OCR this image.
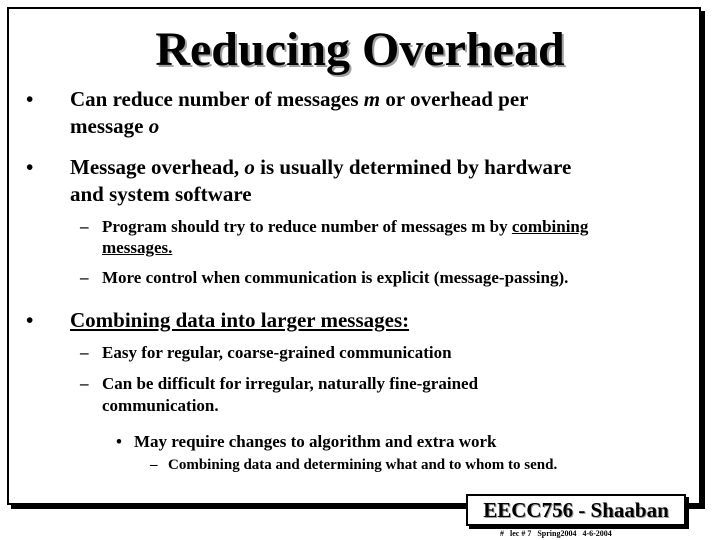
Reducing Overhead
•	Can reduce number of messages m or overhead per
message o
•	Message overhead, o is usually determined by hardware
and system software
– Program should try to reduce number of messages m by combining
messages.
– More control when communication is explicit (message-passing).
•	Combining data into larger messages:
– Easy for regular, coarse-grained communication
– Can be difficult for irregular, naturally fine-grained
communication.
• May require changes to algorithm and extra work
– Combining data and determining what and to whom to send.
EECC756 - Shaaban
# lec # 7 Spring2004 4-6-2004
